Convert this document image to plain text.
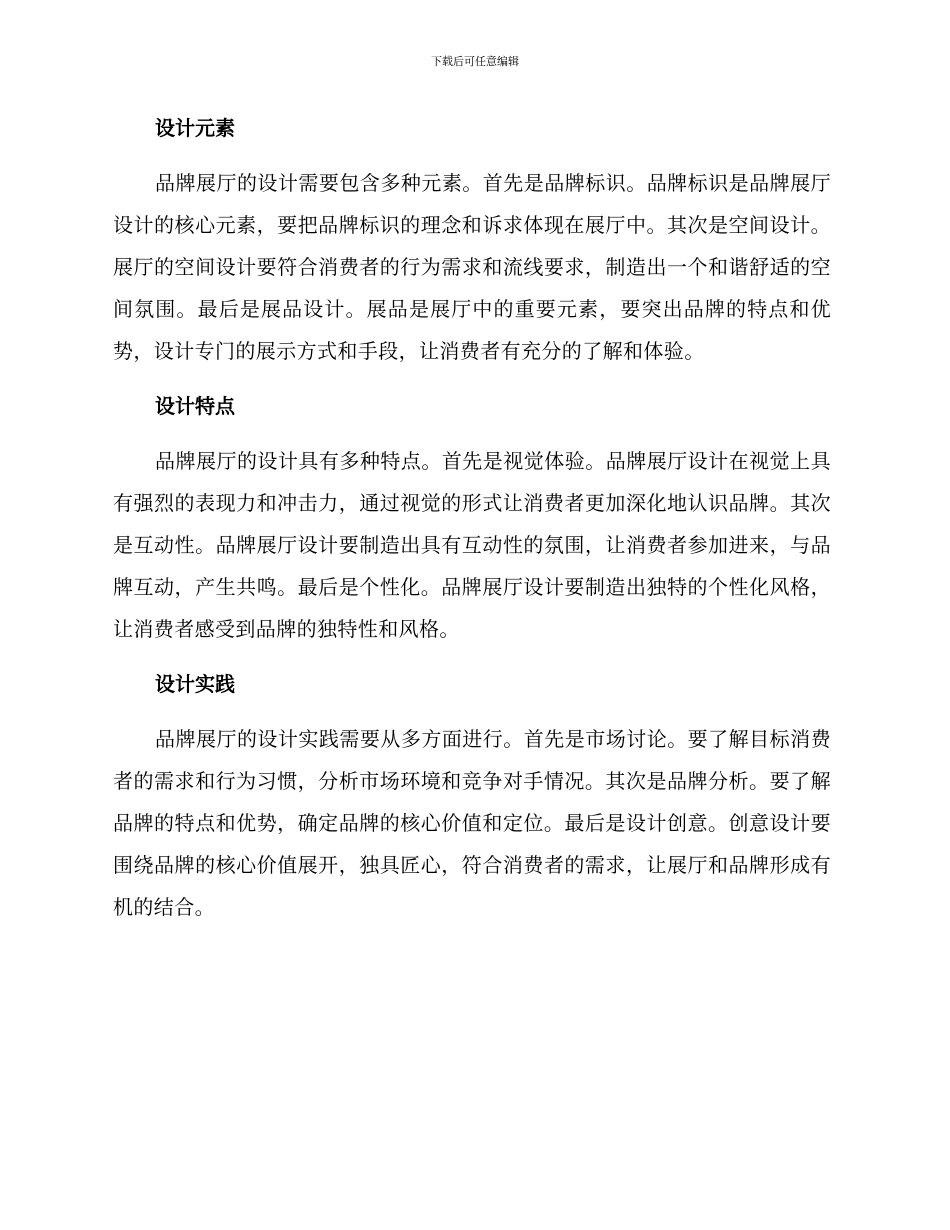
下载后可任意编辑
设计元素

品牌展厅的设计需要包含多种元素。首先是品牌标识。品牌标识是品牌展厅设计的核心元素，要把品牌标识的理念和诉求体现在展厅中。其次是空间设计。展厅的空间设计要符合消费者的行为需求和流线要求，制造出一个和谐舒适的空间氛围。最后是展品设计。展品是展厅中的重要元素，要突出品牌的特点和优势，设计专门的展示方式和手段，让消费者有充分的了解和体验。

设计特点

品牌展厅的设计具有多种特点。首先是视觉体验。品牌展厅设计在视觉上具有强烈的表现力和冲击力，通过视觉的形式让消费者更加深化地认识品牌。其次是互动性。品牌展厅设计要制造出具有互动性的氛围，让消费者参加进来，与品牌互动，产生共鸣。最后是个性化。品牌展厅设计要制造出独特的个性化风格，让消费者感受到品牌的独特性和风格。

设计实践

品牌展厅的设计实践需要从多方面进行。首先是市场讨论。要了解目标消费者的需求和行为习惯，分析市场环境和竞争对手情况。其次是品牌分析。要了解品牌的特点和优势，确定品牌的核心价值和定位。最后是设计创意。创意设计要围绕品牌的核心价值展开，独具匠心，符合消费者的需求，让展厅和品牌形成有机的结合。
